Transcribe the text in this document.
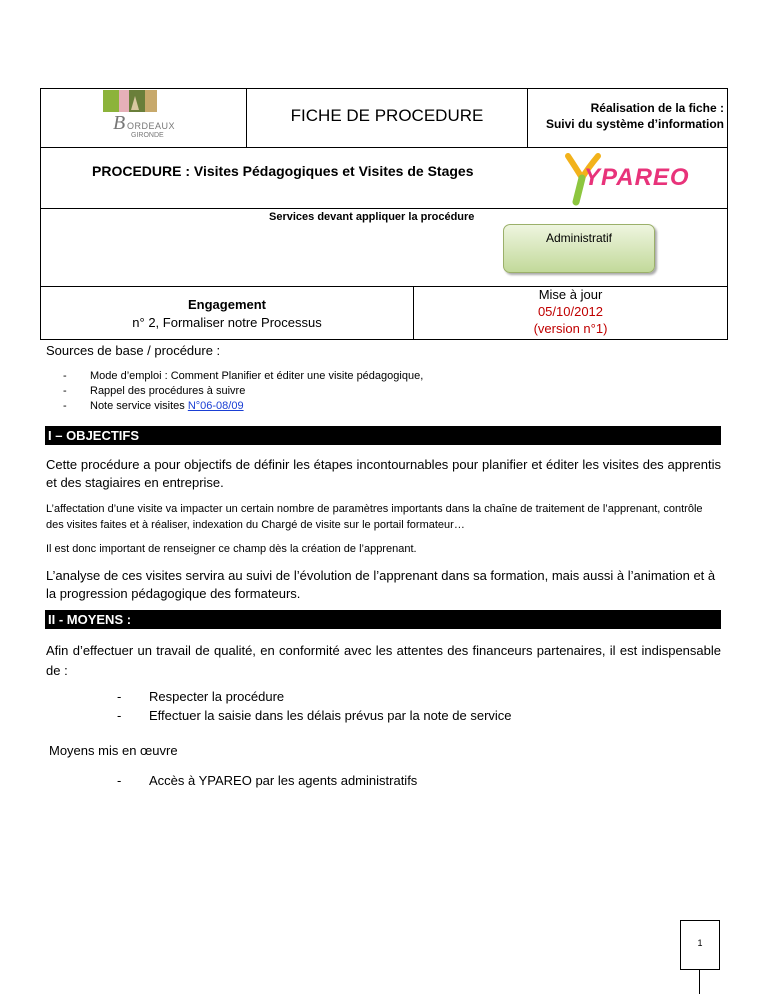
B ORDEAUX
GIRONDE
FICHE DE PROCEDURE	Réalisation de la fiche :
Suivi du système d’information
PROCEDURE : Visites Pédagogiques et Visites de Stages	YPAREO
Services devant appliquer la procédure
Administratif
Engagement
n° 2, Formaliser notre Processus
Mise à jour
05/10/2012
(version n°1)
Sources de base / procédure :
- Mode d’emploi : Comment Planifier et éditer une visite pédagogique,
- Rappel des procédures à suivre
- Note service visites N°06-08/09
I – OBJECTIFS

Cette procédure a pour objectifs de définir les étapes incontournables pour planifier et éditer les visites des apprentis et des stagiaires en entreprise.

L’affectation d’une visite va impacter un certain nombre de paramètres importants dans la chaîne de traitement de l’apprenant, contrôle des visites faites et à réaliser, indexation du Chargé de visite sur le portail formateur…

Il est donc important de renseigner ce champ dès la création de l’apprenant.

L’analyse de ces visites servira au suivi de l’évolution de l’apprenant dans sa formation, mais aussi à l’animation et à la progression pédagogique des formateurs.

II - MOYENS :

Afin d’effectuer un travail de qualité, en conformité avec les attentes des financeurs partenaires, il est indispensable de :

- Respecter la procédure
- Effectuer la saisie dans les délais prévus par la note de service
Moyens mis en œuvre
- Accès à YPAREO par les agents administratifs
1
